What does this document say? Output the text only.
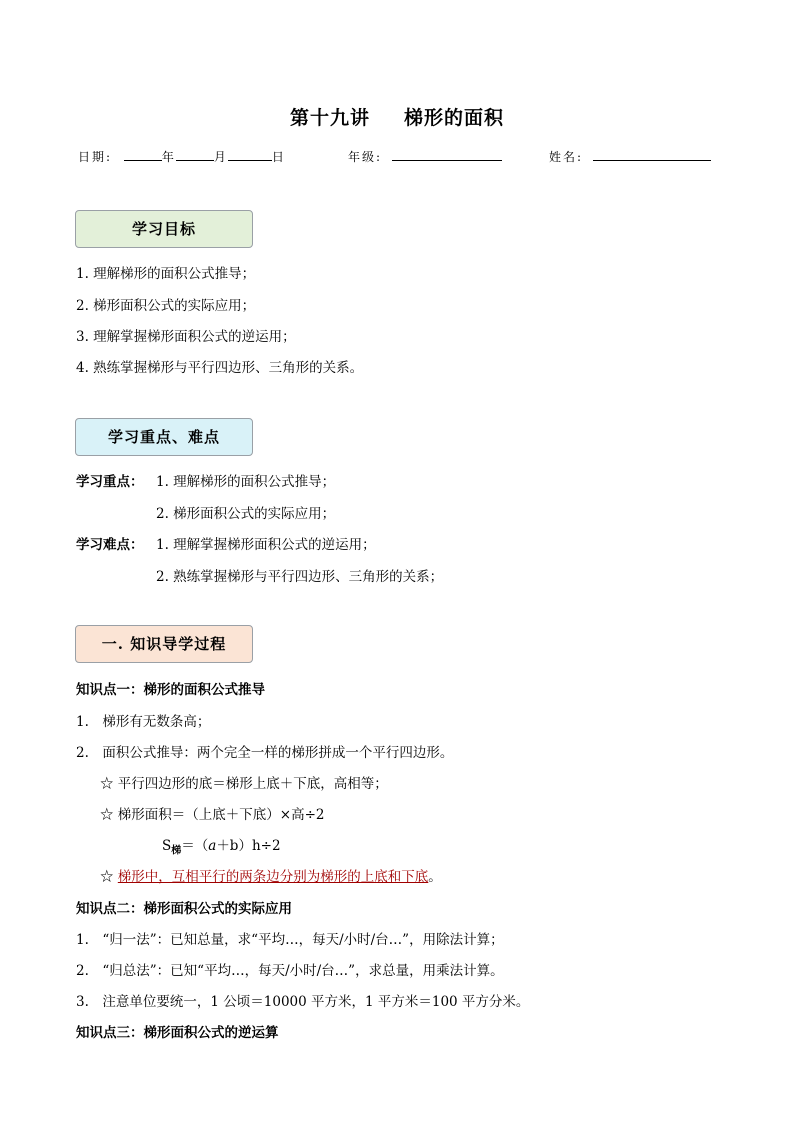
第十九讲 梯形的面积
日期:	年	月	日	年级:	姓名:
学习目标
1. 理解梯形的面积公式推导；
2. 梯形面积公式的实际应用；
3. 理解掌握梯形面积公式的逆运用；
4. 熟练掌握梯形与平行四边形、三角形的关系。
学习重点、难点
学习重点： 1. 理解梯形的面积公式推导；
2. 梯形面积公式的实际应用；
学习难点： 1. 理解掌握梯形面积公式的逆运用；
2. 熟练掌握梯形与平行四边形、三角形的关系；
一. 知识导学过程
知识点一：梯形的面积公式推导
1.　梯形有无数条高；
2.　面积公式推导：两个完全一样的梯形拼成一个平行四边形。
☆ 平行四边形的底＝梯形上底＋下底，高相等；
☆ 梯形面积＝（上底＋下底）×高÷2
$S_梯=(a+b)h\div 2$
☆ 梯形中，互相平行的两条边分别为梯形的上底和下底。
知识点二：梯形面积公式的实际应用
1.　“归一法”：已知总量，求“平均…，每天/小时/台…”，用除法计算；
2.　“归总法”：已知“平均…，每天/小时/台…”，求总量，用乘法计算。
3.　注意单位要统一，1 公顷＝10000 平方米，1 平方米＝100 平方分米。
知识点三：梯形面积公式的逆运算
